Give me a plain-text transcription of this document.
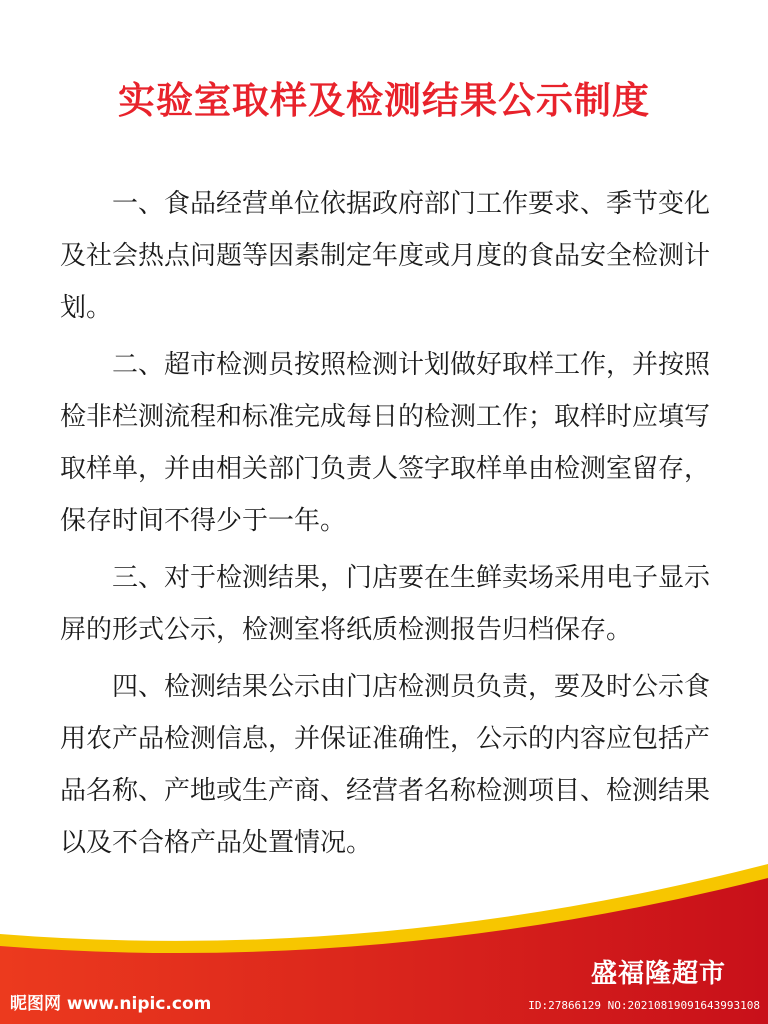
实验室取样及检测结果公示制度

一、食品经营单位依据政府部门工作要求、季节变化及社会热点问题等因素制定年度或月度的食品安全检测计划。

二、超市检测员按照检测计划做好取样工作，并按照检非栏测流程和标准完成每日的检测工作；取样时应填写取样单，并由相关部门负责人签字取样单由检测室留存，保存时间不得少于一年。

三、对于检测结果，门店要在生鲜卖场采用电子显示屏的形式公示，检测室将纸质检测报告归档保存。

四、检测结果公示由门店检测员负责，要及时公示食用农产品检测信息，并保证准确性，公示的内容应包括产品名称、产地或生产商、经营者名称检测项目、检测结果以及不合格产品处置情况。

盛福隆超市
昵图网 www.nipic.com	ID:27866129 NO:20210819091643993108
